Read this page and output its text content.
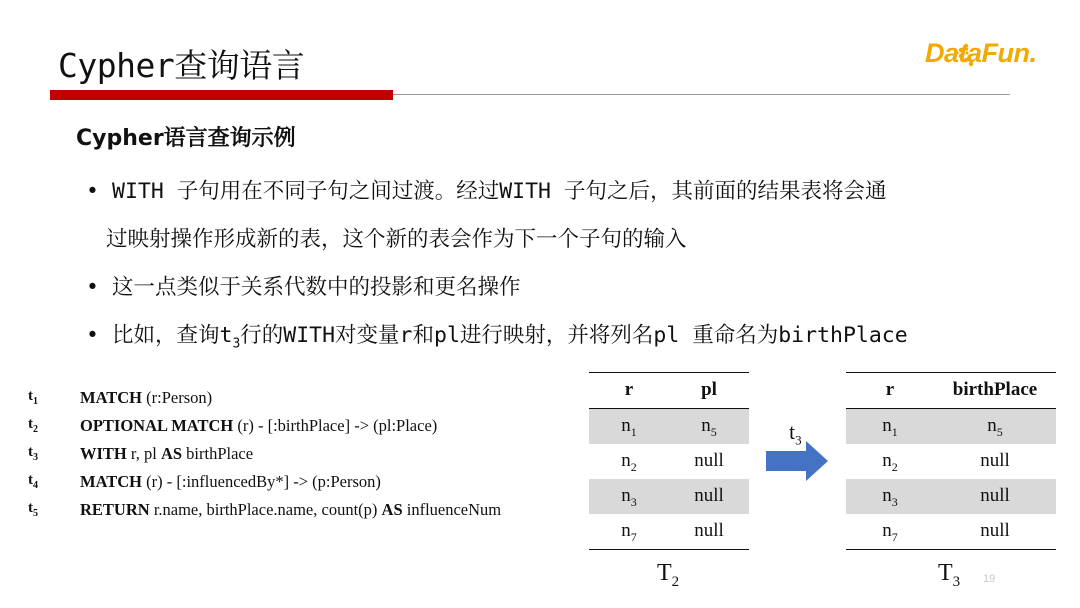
Cypher查询语言	DataFun.
Cypher语言查询示例
• WITH 子句用在不同子句之间过渡。经过WITH 子句之后，其前面的结果表将会通
过映射操作形成新的表，这个新的表会作为下一个子句的输入
• 这一点类似于关系代数中的投影和更名操作
• 比如，查询$t_3$行的WITH对变量r和pl进行映射，并将列名pl 重命名为birthPlace
$t_1$	MATCH (r:Person)
$t_2$	OPTIONAL MATCH (r) - [:birthPlace] -> (pl:Place)
$t_3$	WITH r, pl AS birthPlace
$t_4$	MATCH (r) - [:influencedBy*] -> (p:Person)
$t_5$	RETURN r.name, birthPlace.name, count(p) AS influenceNum
r	pl
$n_1$	$n_5$
$n_2$	null
$n_3$	null
$n_7$	null
$T_2$
$t_3$
r	birthPlace
$n_1$	$n_5$
$n_2$	null
$n_3$	null
$n_7$	null
$T_3$ 19
